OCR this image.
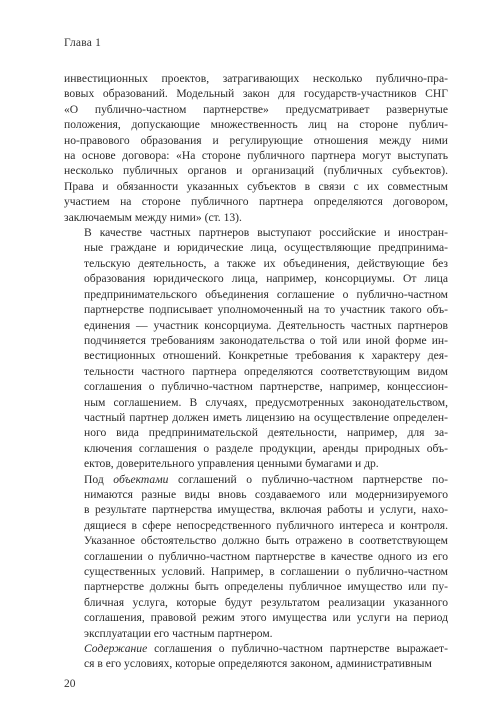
Глава 1

инвестиционных проектов, затрагивающих несколько публично-пра-
вовых образований. Модельный закон для государств-участников СНГ
«О публично-частном партнерстве» предусматривает развернутые
положения, допускающие множественность лиц на стороне публич-
но-правового образования и регулирующие отношения между ними
на основе договора: «На стороне публичного партнера могут выступать
несколько публичных органов и организаций (публичных субъектов).
Права и обязанности указанных субъектов в связи с их совместным
участием на стороне публичного партнера определяются договором,
заключаемым между ними» (ст. 13).

В качестве частных партнеров выступают российские и иностран-
ные граждане и юридические лица, осуществляющие предпринима-
тельскую деятельность, а также их объединения, действующие без
образования юридического лица, например, консорциумы. От лица
предпринимательского объединения соглашение о публично-частном
партнерстве подписывает уполномоченный на то участник такого объ-
единения — участник консорциума. Деятельность частных партнеров
подчиняется требованиям законодательства о той или иной форме ин-
вестиционных отношений. Конкретные требования к характеру дея-
тельности частного партнера определяются соответствующим видом
соглашения о публично-частном партнерстве, например, концессион-
ным соглашением. В случаях, предусмотренных законодательством,
частный партнер должен иметь лицензию на осуществление определен-
ного вида предпринимательской деятельности, например, для за-
ключения соглашения о разделе продукции, аренды природных объ-
ектов, доверительного управления ценными бумагами и др.

Под объектами соглашений о публично-частном партнерстве по-
нимаются разные виды вновь создаваемого или модернизируемого
в результате партнерства имущества, включая работы и услуги, нахо-
дящиеся в сфере непосредственного публичного интереса и контроля.
Указанное обстоятельство должно быть отражено в соответствующем
соглашении о публично-частном партнерстве в качестве одного из его
существенных условий. Например, в соглашении о публично-частном
партнерстве должны быть определены публичное имущество или пу-
бличная услуга, которые будут результатом реализации указанного
соглашения, правовой режим этого имущества или услуги на период
эксплуатации его частным партнером.

Содержание соглашения о публично-частном партнерстве выражает-
ся в его условиях, которые определяются законом, административным

20
